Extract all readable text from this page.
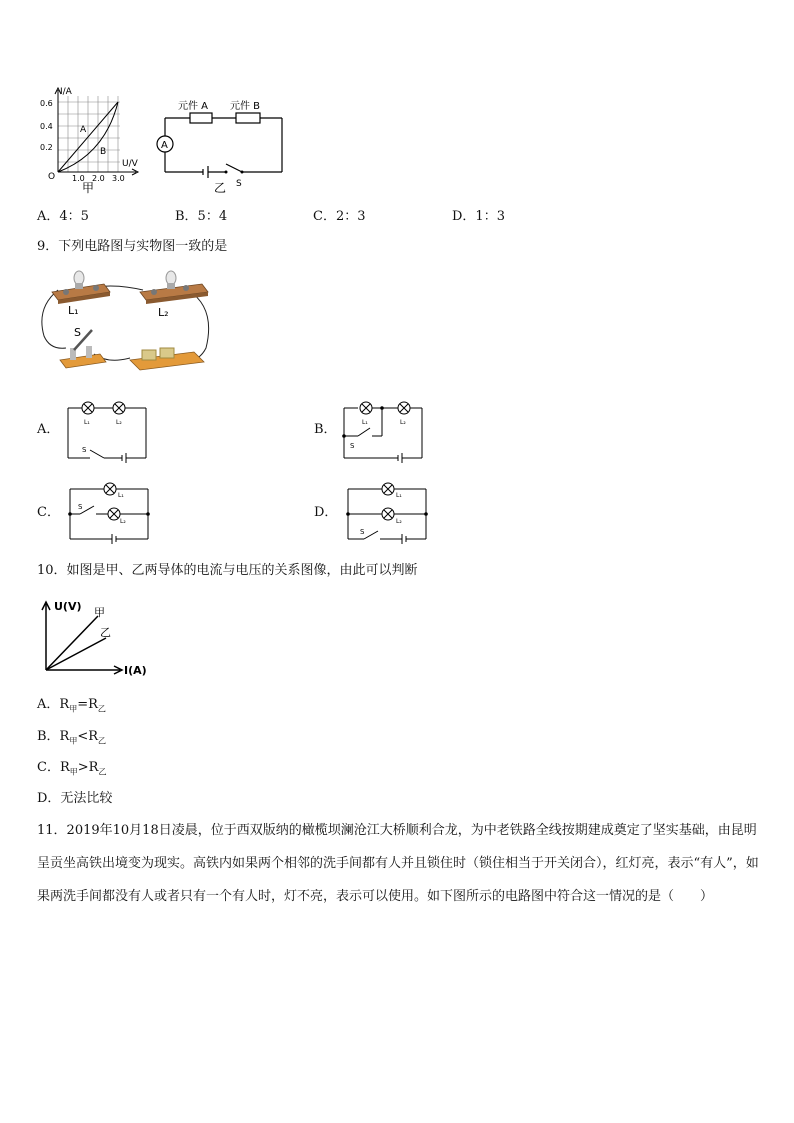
I/A
U/V
0.6
0.4
0.2
1.0 2.0 3.0
O
A
B
甲
元件 A 元件 B
A
S
乙
A．4：5	B．5：4	C．2：3	D．1：3
9．下列电路图与实物图一致的是
L₁	L₂
S
A．	B．
C．	D．
L₁	L₂
S
L₁	L₂
S
L₁
L₂
S
L₁
L₂
S
10．如图是甲、乙两导体的电流与电压的关系图像，由此可以判断
U(V)
I(A)
甲
乙
A．$R_甲=R_乙$
B．$R_甲<R_乙$
C．$R_甲>R_乙$
D．无法比较
11．2019年10月18日凌晨，位于西双版纳的橄榄坝澜沧江大桥顺利合龙，为中老铁路全线按期建成奠定了坚实基础，由昆明呈贡坐高铁出境变为现实。高铁内如果两个相邻的洗手间都有人并且锁住时（锁住相当于开关闭合），红灯亮，表示“有人”，如果两洗手间都没有人或者只有一个有人时，灯不亮，表示可以使用。如下图所示的电路图中符合这一情况的是（　　）
